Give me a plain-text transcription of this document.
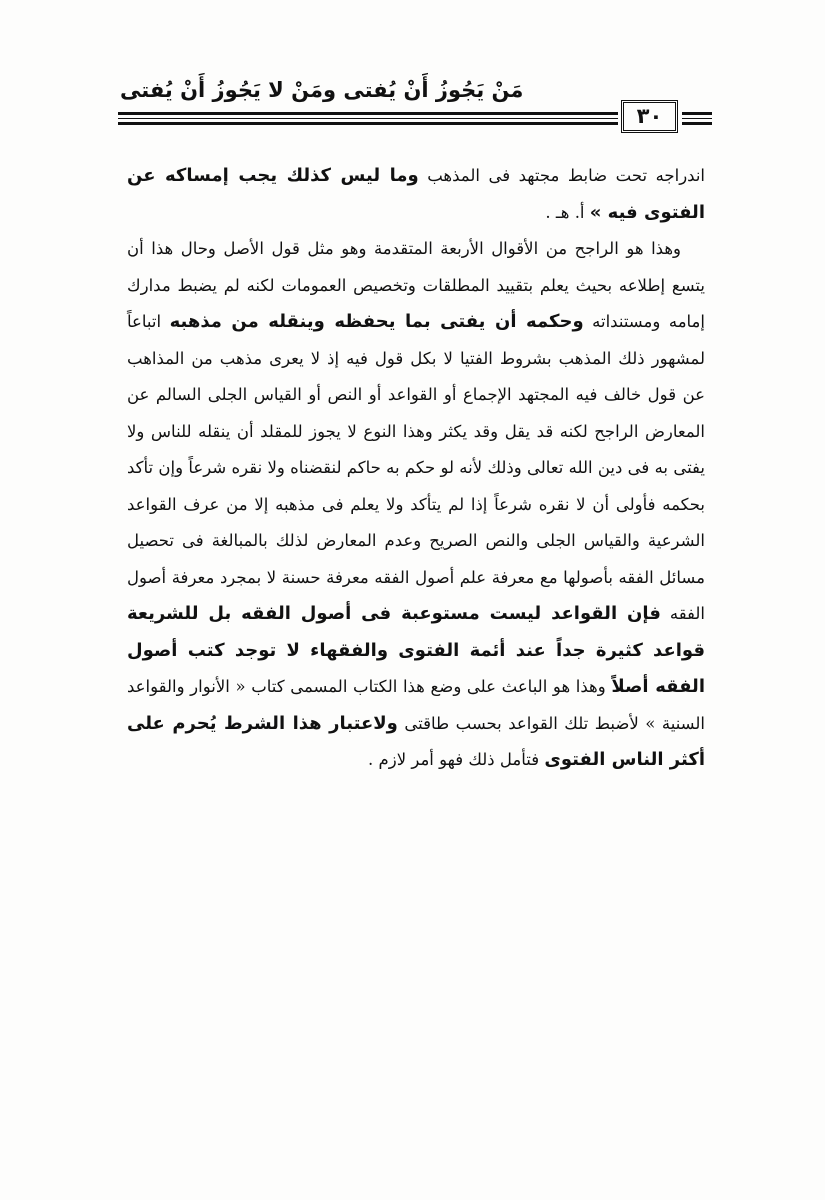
مَنْ يَجُوزُ أَنْ يُفتى ومَنْ لا يَجُوزُ أَنْ يُفتى
٣٠

اندراجه تحت ضابط مجتهد فى المذهب وما ليس كذلك يجب إمساكه عن الفتوى فيه » أ. هـ .

وهذا هو الراجح من الأقوال الأربعة المتقدمة وهو مثل قول الأصل وحال هذا أن يتسع إطلاعه بحيث يعلم بتقييد المطلقات وتخصيص العمومات لكنه لم يضبط مدارك إمامه ومستنداته وحكمه أن يفتى بما يحفظه وينقله من مذهبه اتباعاً لمشهور ذلك المذهب بشروط الفتيا لا بكل قول فيه إذ لا يعرى مذهب من المذاهب عن قول خالف فيه المجتهد الإجماع أو القواعد أو النص أو القياس الجلى السالم عن المعارض الراجح لكنه قد يقل وقد يكثر وهذا النوع لا يجوز للمقلد أن ينقله للناس ولا يفتى به فى دين الله تعالى وذلك لأنه لو حكم به حاكم لنقضناه ولا نقره شرعاً وإن تأكد بحكمه فأولى أن لا نقره شرعاً إذا لم يتأكد ولا يعلم فى مذهبه إلا من عرف القواعد الشرعية والقياس الجلى والنص الصريح وعدم المعارض لذلك بالمبالغة فى تحصيل مسائل الفقه بأصولها مع معرفة علم أصول الفقه معرفة حسنة لا بمجرد معرفة أصول الفقه فإن القواعد ليست مستوعبة فى أصول الفقه بل للشريعة قواعد كثيرة جداً عند أئمة الفتوى والفقهاء لا توجد كتب أصول الفقه أصلاً وهذا هو الباعث على وضع هذا الكتاب المسمى كتاب « الأنوار والقواعد السنية » لأضبط تلك القواعد بحسب طاقتى ولاعتبار هذا الشرط يُحرم على أكثر الناس الفتوى فتأمل ذلك فهو أمر لازم .
